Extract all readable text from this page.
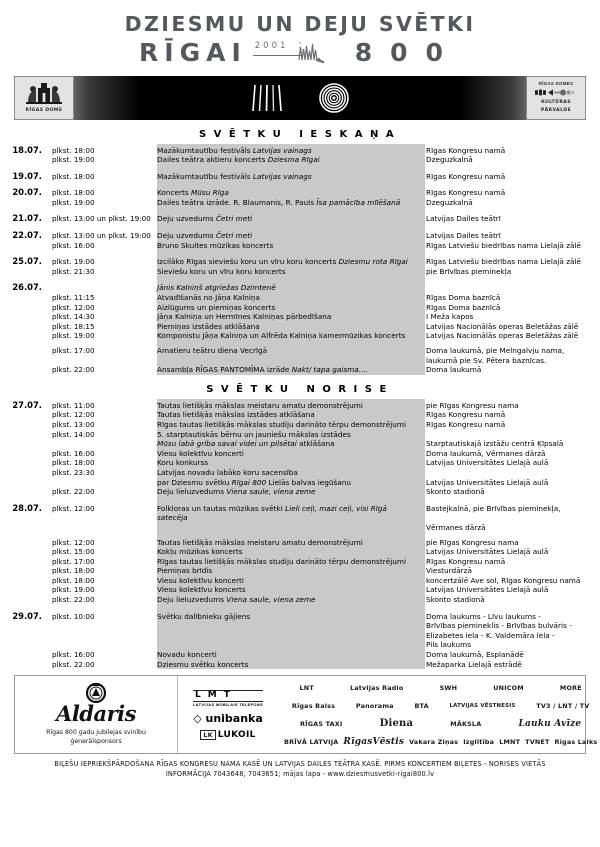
DZIESMU UN DEJU SVĒTKI
RĪGAI 2001	800
RĪGAS DOME
RĪGAS DOMES
KULTŪRAS
PĀRVALDE
SVĒTKU IESKAŅA
18.07.	plkst. 18:00	Mazākumtautību festivāls Latvijas vainags	Rīgas Kongresu namā
plkst. 19:00	Dailes teātra aktieru koncerts Dziesma Rīgai	Dzeguzkalnā
19.07.	plkst. 18:00	Mazākumtautību festivāls Latvijas vainags	Rīgas Kongresu namā
20.07.	plkst. 18:00	Koncerts Mūsu Rīga	Rīgas Kongresu namā
plkst. 19:00	Dailes teātra izrāde. R. Blaumanis, R. Pauls Īsa pamācība mīlēšanā	Dzeguzkalnā
21.07.	plkst. 13:00 un plkst. 19:00 Deju uzvedums Četri meti	Latvijas Dailes teātrī
22.07.	plkst. 13:00 un plkst. 19:00 Deju uzvedums Četri meti	Latvijas Dailes teātrī
plkst. 16:00	Bruno Skultes mūzikas koncerts	Rīgas Latviešu biedrības nama Lielajā zālē
25.07.	plkst. 19:00	Izcilāko Rīgas sieviešu koru un vīru koru koncerts Dziesmu rota Rīgai	Rīgas Latviešu biedrības nama Lielajā zālē
plkst. 21:30	Sieviešu koru un vīru koru koncerts	pie Brīvības pieminekļa
26.07.	Jānis Kalniņš atgriežas Dzimtenē
plkst. 11:15	Atvadīšanās no Jāņa Kalniņa	Rīgas Doma baznīcā
plkst. 12:00	Aizlūgums un piemiņas koncerts	Rīgas Doma baznīcā
plkst. 14:30	Jāņa Kalniņa un Hermīnes Kalniņas pārbedīšana	I Meža kapos
plkst. 18:15	Piemiņas izstādes atklāšana	Latvijas Nacionālās operas Beletāžas zālē
plkst. 19:00	Komponistu Jāņa Kalniņa un Alfrēda Kalniņa kamermūzikas koncerts	Latvijas Nacionālās operas Beletāžas zālē
plkst. 17:00	Amatieru teātru diena Vecrīgā	Doma laukumā, pie Melngalvju nama,
laukumā pie Sv. Pētera baznīcas.
plkst. 22:00	Ansambļa RĪGAS PANTOMĪMA izrāde Nakt/ tapa gaisma....	Doma laukumā
SVĒTKU NORISE
27.07.	plkst. 11:00	Tautas lietišķās mākslas meistaru amatu demonstrējumi	pie Rīgas Kongresu nama
plkst. 12:00	Tautas lietišķās mākslas izstādes atklāšana	Rīgas Kongresu namā
plkst. 13:00	Rīgas tautas lietišķās mākslas studiju darināto tērpu demonstrējumi	Rīgas Kongresu namā
plkst. 14:00	5. starptautiskās bērnu un jauniešu mākslas izstādes
Mūsu labā griba savai videi un pilsētai atklāšana	Starptautiskajā izstāžu centrā Ķīpsalā
plkst. 16:00	Viesu kolektīvu koncerti	Doma laukumā, Vērmanes dārzā
plkst. 18:00	Koru konkurss	Latvijas Universitātes Lielajā aulā
plkst. 23:30	Latvijas novadu labāko koru sacensība
par Dziesmu svētku Rīgai 800 Lielās balvas iegūšanu	Latvijas Universitātes Lielajā aulā
plkst. 22:00	Deju lieluzvedums Viena saule, viena zeme	Skonto stadionā
28.07.	plkst. 12:00	Folkloras un tautas mūzikas svētki Lieli ceļi, mazi ceļi, visi Rīgā satecēja
Bastejkalnā, pie Brīvības pieminekļa,
Vērmanes dārzā
plkst. 12:00	Tautas lietišķās mākslas meistaru amatu demonstrējumi	pie Rīgas Kongresu nama
plkst. 15:00	Kokļu mūzikas koncerts	Latvijas Universitātes Lielajā aulā
plkst. 17:00	Rīgas tautas lietišķās mākslas studiju darināto tērpu demonstrējumi	Rīgas Kongresu namā
plkst. 18:00	Piemiņas brīdis	Viesturdārzā
plkst. 18:00	Viesu kolektīvu koncerti	koncertzālē Ave sol, Rīgas Kongresu namā
plkst. 19:00	Viesu kolektīvu koncerts	Latvijas Universitātes Lielajā aulā
plkst. 22:00	Deju lieluzvedums Viena saule, viena zeme	Skonto stadionā
29.07.	plkst. 10:00	Svētku dalībnieku gājiens	Doma laukums - Līvu laukums -
Brīvības piemineklis - Brīvības bulvāris -
Elizabetes iela - K. Valdemāra iela -
Pils laukums
plkst. 16:00	Novadu koncerti	Doma laukumā, Esplanādē
plkst. 22:00	Dziesmu svētku koncerts	Mežaparka Lielajā estrādē
Aldaris
Rīgas 800 gadu jubilejas svinību
ģenerālsponsors
LMT
LATVIJAS MOBILAIS TELEFONS
◇ unibanka
LK LUKOIL
LNT	Latvijas Radio	SWH	UNICOM	MORE
Rīgas Balss	Panorama	BTA	LATVIJAS VĒSTNESIS	TV3 / LNT / TV
RĪGAS TAXI	Diena	MĀKSLA	Lauku Avīze
BRĪVĀ LATVIJA RīgasVēstis Vakara Ziņas Izglītība LMNT TVNET Rīgas Laiks
BIĻEŠU IEPRIEKŠPĀRDOŠANA RĪGAS KONGRESU NAMA KASĒ UN LATVIJAS DAILES TEĀTRA KASĒ. PIRMS KONCERTIEM BIĻETES - NORISES VIETĀS
INFORMĀCIJA 7043648, 7043651; mājas lapa - www.dziesmusvetki-rigai800.lv
